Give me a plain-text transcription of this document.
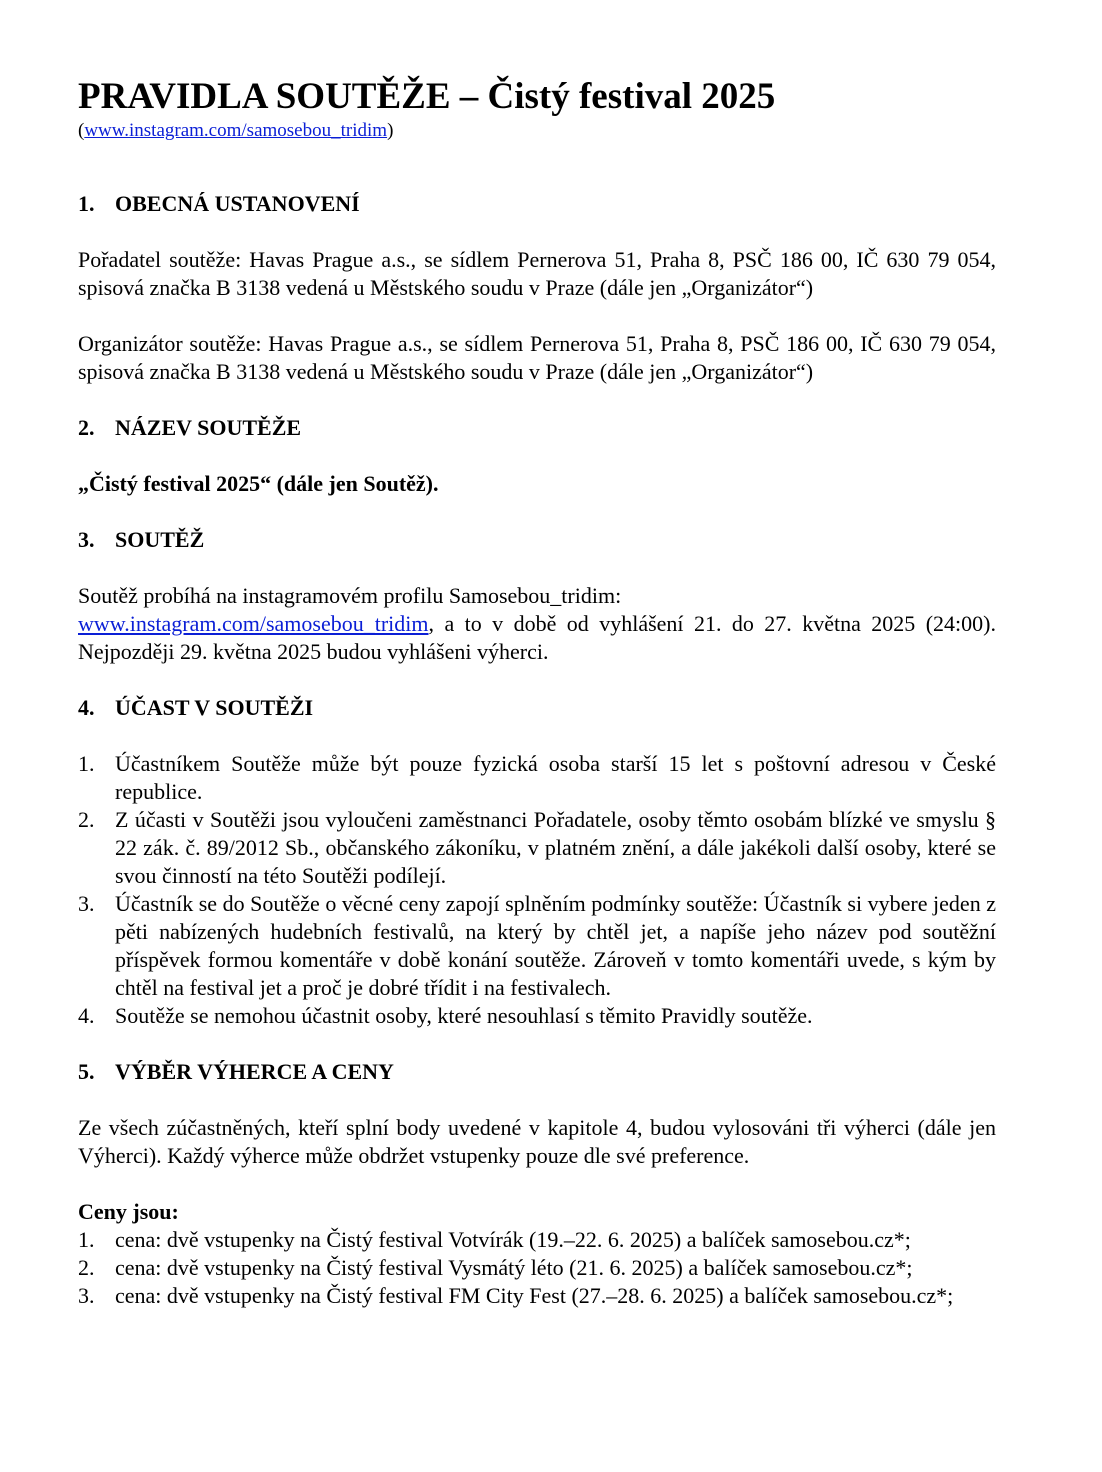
PRAVIDLA SOUTĚŽE – Čistý festival 2025
(www.instagram.com/samosebou_tridim)
1. OBECNÁ USTANOVENÍ

Pořadatel soutěže: Havas Prague a.s., se sídlem Pernerova 51, Praha 8, PSČ 186 00, IČ 630 79 054, spisová značka B 3138 vedená u Městského soudu v Praze (dále jen „Organizátor“)

Organizátor soutěže: Havas Prague a.s., se sídlem Pernerova 51, Praha 8, PSČ 186 00, IČ 630 79 054, spisová značka B 3138 vedená u Městského soudu v Praze (dále jen „Organizátor“)

2. NÁZEV SOUTĚŽE

„Čistý festival 2025“ (dále jen Soutěž).

3. SOUTĚŽ

Soutěž probíhá na instagramovém profilu Samosebou_tridim:
www.instagram.com/samosebou_tridim, a to v době od vyhlášení 21. do 27. května 2025 (24:00). Nejpozději 29. května 2025 budou vyhlášeni výherci.

4. ÚČAST V SOUTĚŽI
1. Účastníkem Soutěže může být pouze fyzická osoba starší 15 let s poštovní adresou v České republice.
2. Z účasti v Soutěži jsou vyloučeni zaměstnanci Pořadatele, osoby těmto osobám blízké ve smyslu § 22 zák. č. 89/2012 Sb., občanského zákoníku, v platném znění, a dále jakékoli další osoby, které se svou činností na této Soutěži podílejí.
3. Účastník se do Soutěže o věcné ceny zapojí splněním podmínky soutěže: Účastník si vybere jeden z pěti nabízených hudebních festivalů, na který by chtěl jet, a napíše jeho název pod soutěžní příspěvek formou komentáře v době konání soutěže. Zároveň v tomto komentáři uvede, s kým by chtěl na festival jet a proč je dobré třídit i na festivalech.
4. Soutěže se nemohou účastnit osoby, které nesouhlasí s těmito Pravidly soutěže.
5. VÝBĚR VÝHERCE A CENY

Ze všech zúčastněných, kteří splní body uvedené v kapitole 4, budou vylosováni tři výherci (dále jen Výherci). Každý výherce může obdržet vstupenky pouze dle své preference.

Ceny jsou:

1. cena: dvě vstupenky na Čistý festival Votvírák (19.–22. 6. 2025) a balíček samosebou.cz*;
2. cena: dvě vstupenky na Čistý festival Vysmátý léto (21. 6. 2025) a balíček samosebou.cz*;
3. cena: dvě vstupenky na Čistý festival FM City Fest (27.–28. 6. 2025) a balíček samosebou.cz*;
